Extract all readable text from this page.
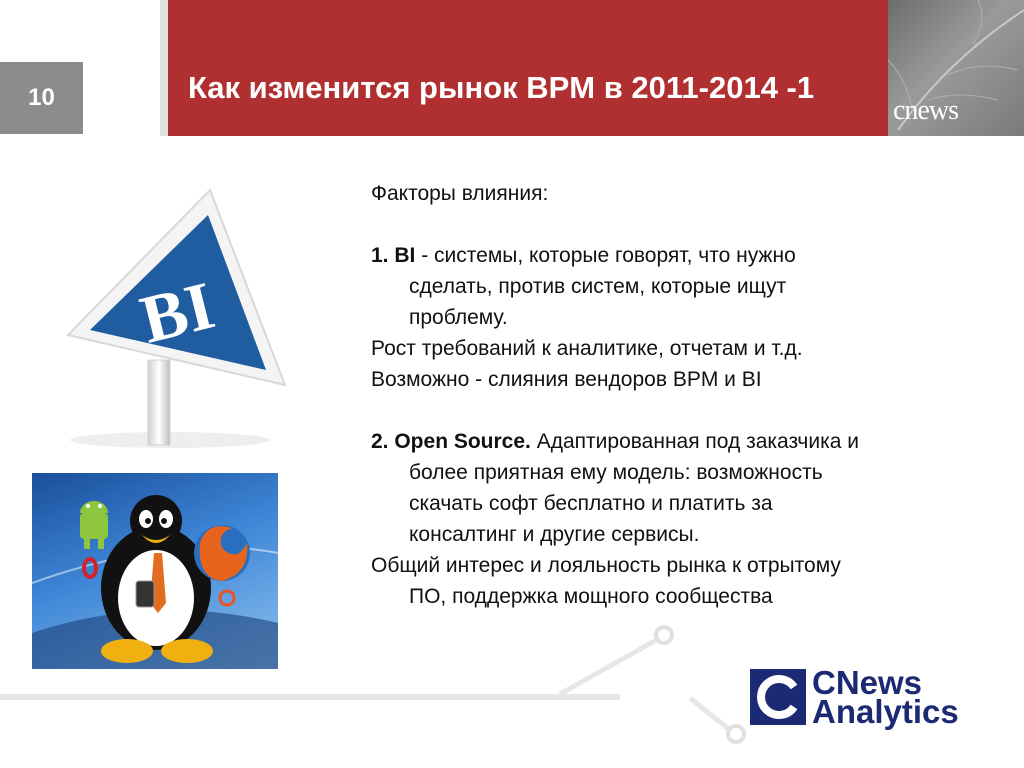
10	Как изменится рынок BPM в 2011-2014 -1
cnews

Факторы влияния:

1. BI - системы, которые говорят, что нужно

сделать, против систем, которые ищут

проблему.

Рост требований к аналитике, отчетам и т.д.

Возможно - слияния вендоров BPM и BI

2. Open Source. Адаптированная под заказчика и

более приятная ему модель: возможность

скачать софт бесплатно и платить за

консалтинг и другие сервисы.

Общий интерес и лояльность рынка к отрытому

ПО, поддержка мощного сообщества

BI
CNews
Analytics
